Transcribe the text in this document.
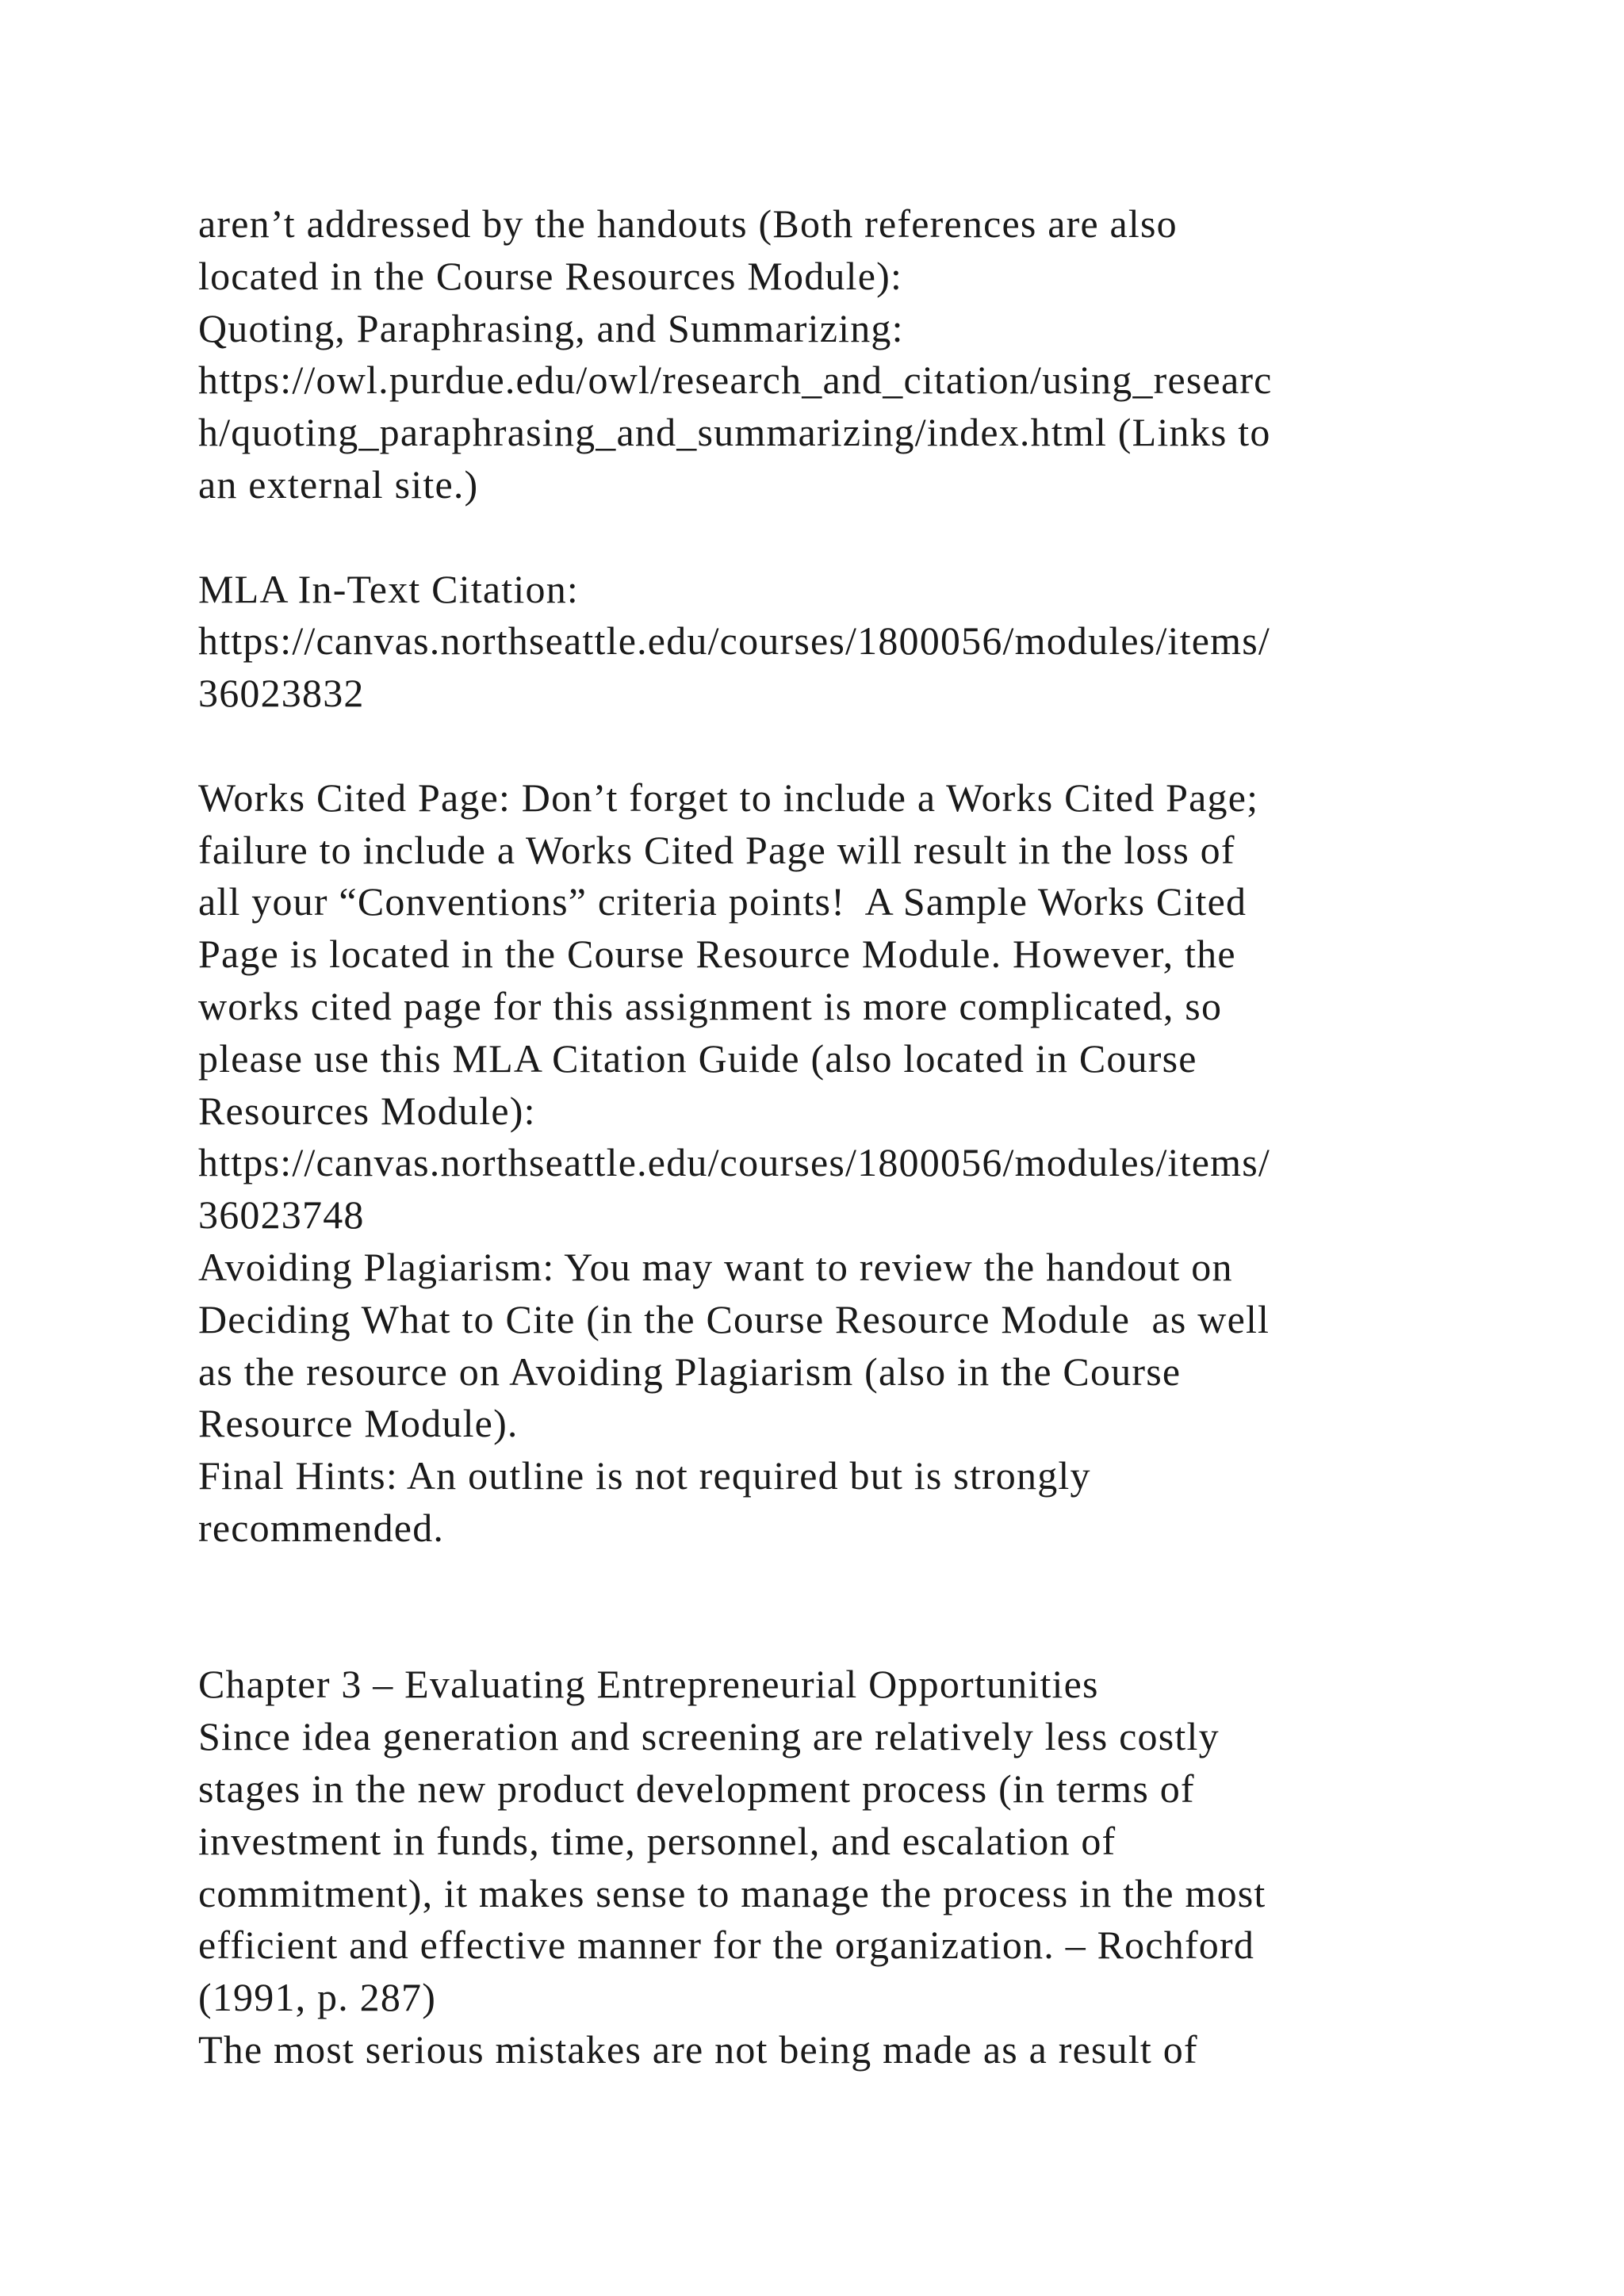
aren’t addressed by the handouts (Both references are also
located in the Course Resources Module):
Quoting, Paraphrasing, and Summarizing:
https://owl.purdue.edu/owl/research_and_citation/using_researc
h/quoting_paraphrasing_and_summarizing/index.html (Links to
an external site.)
MLA In-Text Citation:
https://canvas.northseattle.edu/courses/1800056/modules/items/
36023832
Works Cited Page: Don’t forget to include a Works Cited Page;
failure to include a Works Cited Page will result in the loss of
all your “Conventions” criteria points!  A Sample Works Cited
Page is located in the Course Resource Module. However, the
works cited page for this assignment is more complicated, so
please use this MLA Citation Guide (also located in Course
Resources Module):
https://canvas.northseattle.edu/courses/1800056/modules/items/
36023748
Avoiding Plagiarism: You may want to review the handout on
Deciding What to Cite (in the Course Resource Module  as well
as the resource on Avoiding Plagiarism (also in the Course
Resource Module).
Final Hints: An outline is not required but is strongly
recommended.
Chapter 3 – Evaluating Entrepreneurial Opportunities
Since idea generation and screening are relatively less costly
stages in the new product development process (in terms of
investment in funds, time, personnel, and escalation of
commitment), it makes sense to manage the process in the most
efficient and effective manner for the organization. – Rochford
(1991, p. 287)
The most serious mistakes are not being made as a result of
